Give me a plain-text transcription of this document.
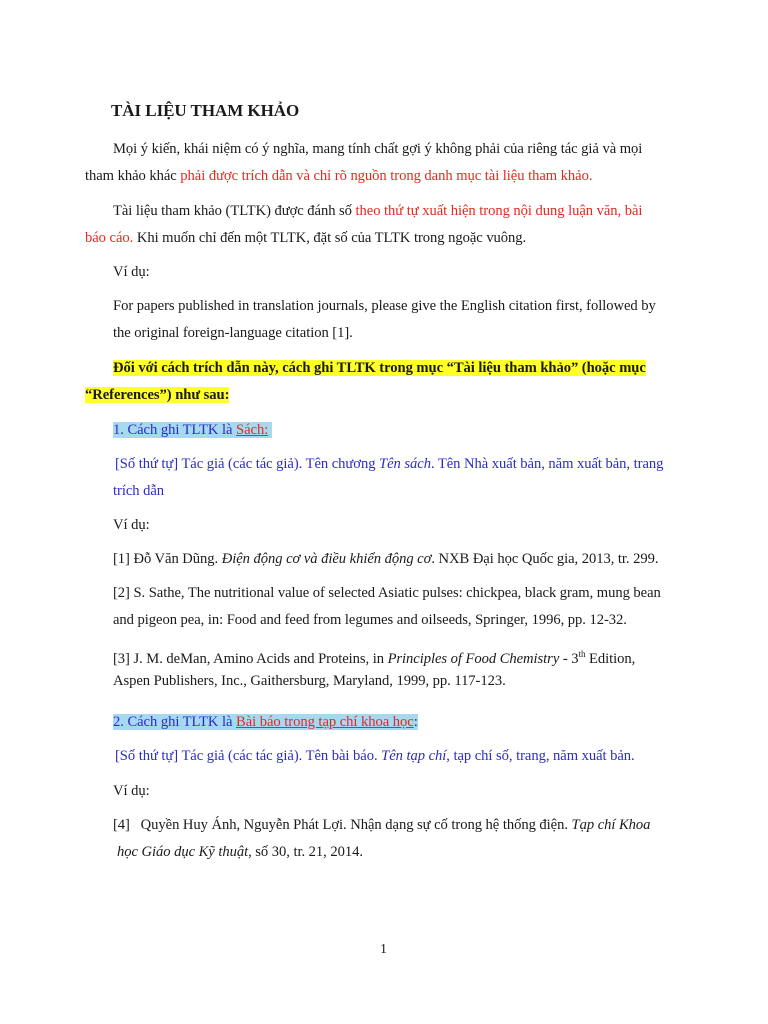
TÀI LIỆU THAM KHẢO
Mọi ý kiến, khái niệm có ý nghĩa, mang tính chất gợi ý không phải của riêng tác giả và mọi
tham khảo khác phải được trích dẫn và chỉ rõ nguồn trong danh mục tài liệu tham khảo.
Tài liệu tham khảo (TLTK) được đánh số theo thứ tự xuất hiện trong nội dung luận văn, bài
báo cáo. Khi muốn chỉ đến một TLTK, đặt số của TLTK trong ngoặc vuông.
Ví dụ:
For papers published in translation journals, please give the English citation first, followed by
the original foreign-language citation [1].
Đối với cách trích dẫn này, cách ghi TLTK trong mục “Tài liệu tham khảo” (hoặc mục
“References”) như sau:
1. Cách ghi TLTK là Sách:
[Số thứ tự] Tác giả (các tác giả). Tên chương Tên sách. Tên Nhà xuất bản, năm xuất bản, trang
trích dẫn
Ví dụ:
[1] Đỗ Văn Dũng. Điện động cơ và điều khiển động cơ. NXB Đại học Quốc gia, 2013, tr. 299.
[2] S. Sathe, The nutritional value of selected Asiatic pulses: chickpea, black gram, mung bean
and pigeon pea, in: Food and feed from legumes and oilseeds, Springer, 1996, pp. 12-32.
[3] J. M. deMan, Amino Acids and Proteins, in Principles of Food Chemistry - 3th Edition,
Aspen Publishers, Inc., Gaithersburg, Maryland, 1999, pp. 117-123.
2. Cách ghi TLTK là Bài báo trong tạp chí khoa học:
[Số thứ tự] Tác giả (các tác giả). Tên bài báo. Tên tạp chí, tạp chí số, trang, năm xuất bản.
Ví dụ:
[4]   Quyền Huy Ánh, Nguyễn Phát Lợi. Nhận dạng sự cố trong hệ thống điện. Tạp chí Khoa
học Giáo dục Kỹ thuật, số 30, tr. 21, 2014.
1
